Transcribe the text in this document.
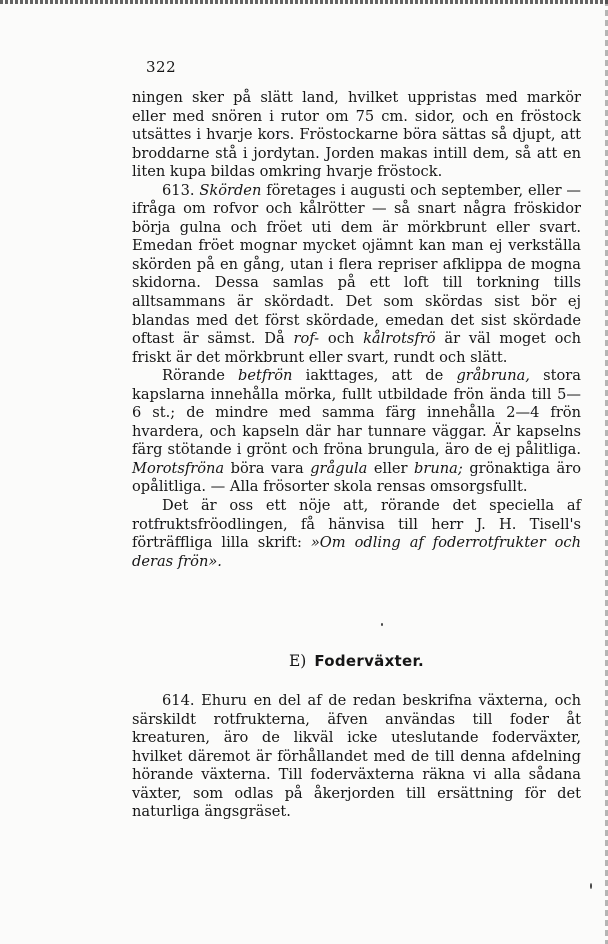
322

ningen sker på slätt land, hvilket uppristas med markör eller med snören i rutor om 75 cm. sidor, och en fröstock utsättes i hvarje kors. Fröstockarne böra sättas så djupt, att broddarne stå i jordytan. Jorden makas intill dem, så att en liten kupa bildas omkring hvarje fröstock.

613. Skörden företages i augusti och september, eller — ifråga om rofvor och kålrötter — så snart några fröskidor börja gulna och fröet uti dem är mörkbrunt eller svart. Emedan fröet mognar mycket ojämnt kan man ej verkställa skörden på en gång, utan i flera repriser afklippa de mogna skidorna. Dessa samlas på ett loft till torkning tills alltsammans är skördadt. Det som skördas sist bör ej blandas med det först skördade, emedan det sist skördade oftast är sämst. Då rof- och kålrotsfrö är väl moget och friskt är det mörkbrunt eller svart, rundt och slätt.

Rörande betfrön iakttages, att de gråbruna, stora kapslarna innehålla mörka, fullt utbildade frön ända till 5—6 st.; de mindre med samma färg innehålla 2—4 frön hvardera, och kapseln där har tunnare väggar. Är kapselns färg stötande i grönt och fröna brungula, äro de ej pålitliga. Morotsfröna böra vara grågula eller bruna; grönaktiga äro opålitliga. — Alla frösorter skola rensas omsorgsfullt.

Det är oss ett nöje att, rörande det speciella af rotfruktsfröodlingen, få hänvisa till herr J. H. Tisell's förträffliga lilla skrift: »Om odling af foderrotfrukter och deras frön».

E) Foderväxter.

614. Ehuru en del af de redan beskrifna växterna, och särskildt rotfrukterna, äfven användas till foder åt kreaturen, äro de likväl icke uteslutande foderväxter, hvilket däremot är förhållandet med de till denna afdelning hörande växterna. Till foderväxterna räkna vi alla sådana växter, som odlas på åkerjorden till ersättning för det naturliga ängsgräset.
